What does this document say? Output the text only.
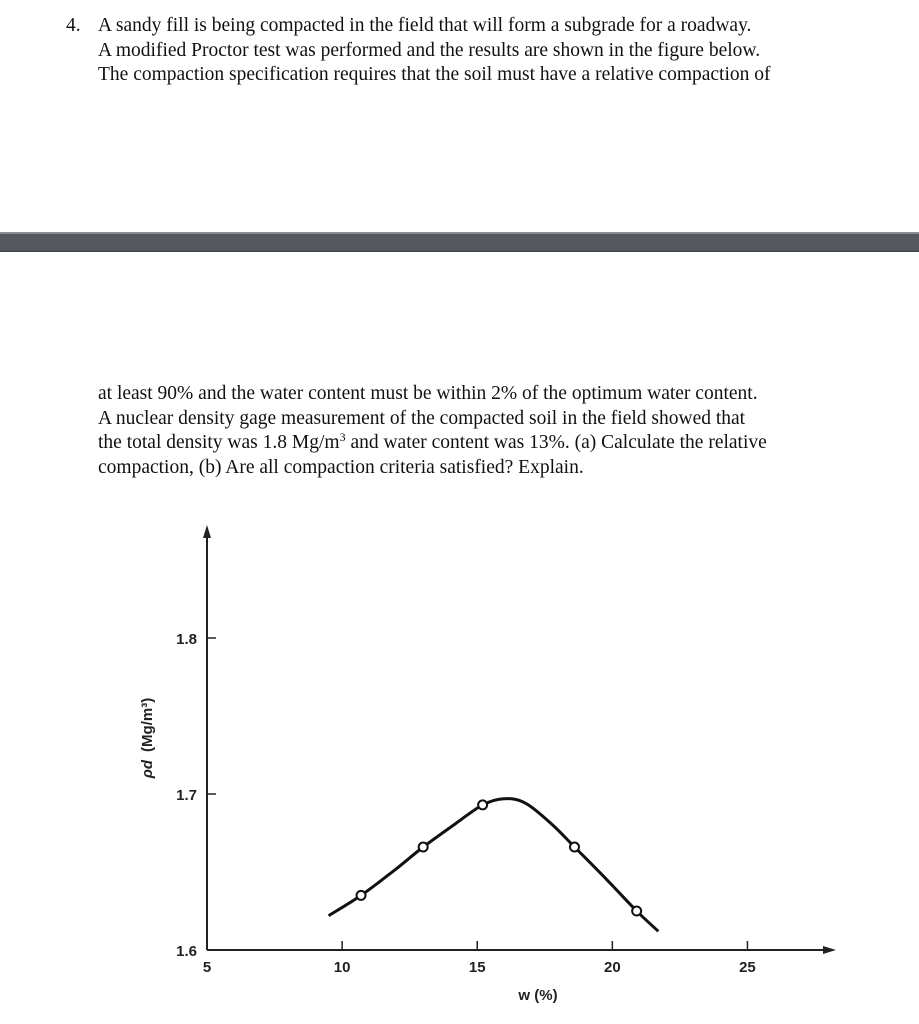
4. A sandy fill is being compacted in the field that will form a subgrade for a roadway.
A modified Proctor test was performed and the results are shown in the figure below.
The compaction specification requires that the soil must have a relative compaction of
at least 90% and the water content must be within 2% of the optimum water content.
A nuclear density gage measurement of the compacted soil in the field showed that
the total density was 1.8 $Mg/m^3$ and water content was 13%. (a) Calculate the relative
compaction, (b) Are all compaction criteria satisfied? Explain.
1.6
1.7
1.8
5	10	15	20	25
ρd(Mg/m³)
w (%)
